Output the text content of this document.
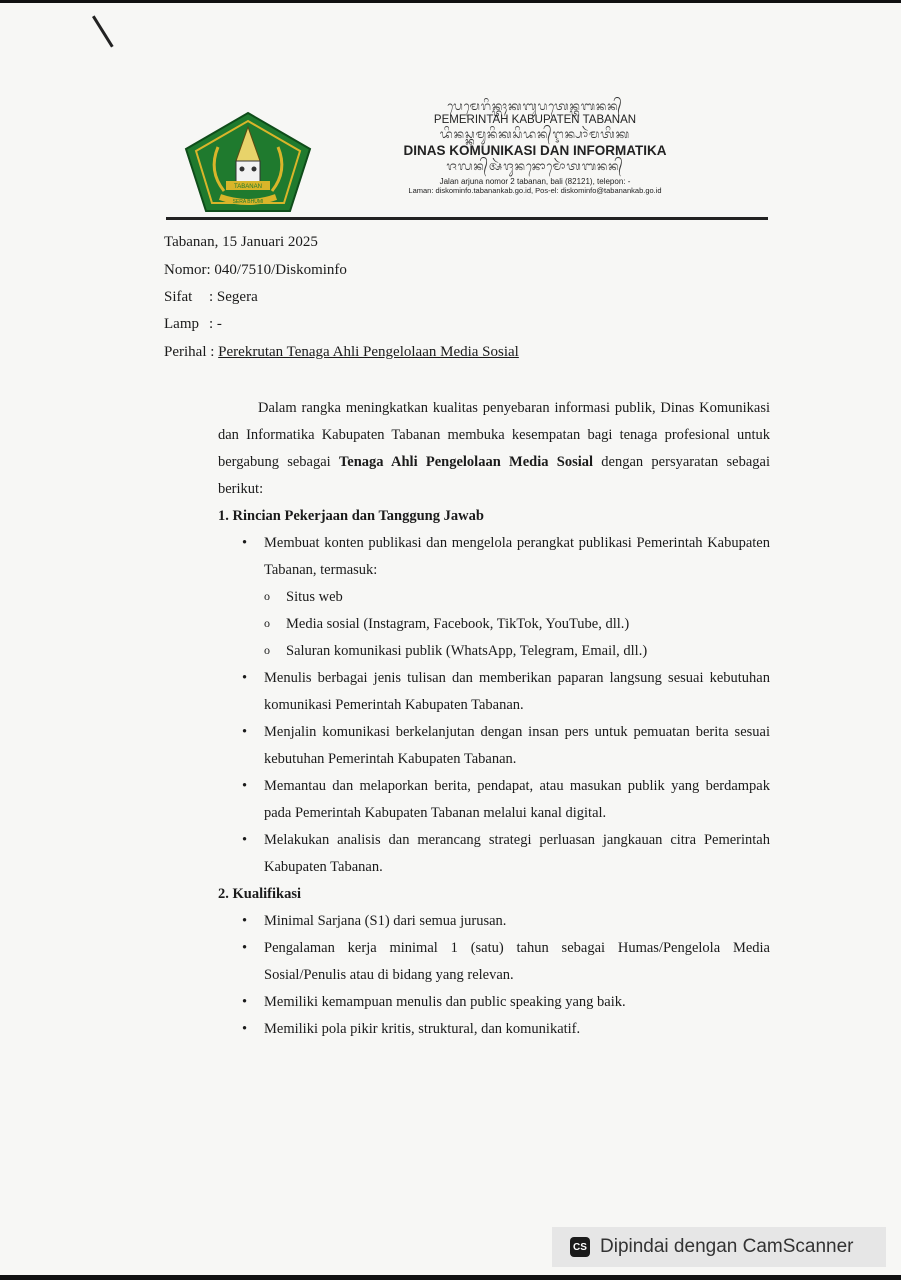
TABANAN
SERA BHUMI
ᬧᬾᬫᬾᬭᬶᬦ᭄ᬢᬄᬓᬩᬸᬧᬢᬾᬦ᭄ᬢᬩᬦᬦ᭄
PEMERINTAH KABUPATEN TABANAN
ᬤᬶᬦᬲ᭄ᬓᬫᬸᬦᬶᬓᬲᬶᬤᬦ᭄ᬇᬦ᭄ᬧᬵᬃᬫᬢᬶᬓ
DINAS KOMUNIKASI DAN INFORMATIKA
ᬚᬮᬦ᭄ᬅᬃᬚᬸᬦᬦᭀᬫᭀᬃᬢᬩᬦᬦ᭄
Jalan arjuna nomor 2 tabanan, bali (82121), telepon: -
Laman: diskominfo.tabanankab.go.id, Pos-el: diskominfo@tabanankab.go.id
Tabanan, 15 Januari 2025
Nomor: 040/7510/Diskominfo
Sifat : Segera
Lamp : -
Perihal : Perekrutan Tenaga Ahli Pengelolaan Media Sosial

Dalam rangka meningkatkan kualitas penyebaran informasi publik, Dinas Komunikasi dan Informatika Kabupaten Tabanan membuka kesempatan bagi tenaga profesional untuk bergabung sebagai Tenaga Ahli Pengelolaan Media Sosial dengan persyaratan sebagai berikut:

1. Rincian Pekerjaan dan Tanggung Jawab
• Membuat konten publikasi dan mengelola perangkat publikasi Pemerintah Kabupaten Tabanan, termasuk:
o Situs web
o Media sosial (Instagram, Facebook, TikTok, YouTube, dll.)
o Saluran komunikasi publik (WhatsApp, Telegram, Email, dll.)
• Menulis berbagai jenis tulisan dan memberikan paparan langsung sesuai kebutuhan komunikasi Pemerintah Kabupaten Tabanan.
• Menjalin komunikasi berkelanjutan dengan insan pers untuk pemuatan berita sesuai kebutuhan Pemerintah Kabupaten Tabanan.
• Memantau dan melaporkan berita, pendapat, atau masukan publik yang berdampak pada Pemerintah Kabupaten Tabanan melalui kanal digital.
• Melakukan analisis dan merancang strategi perluasan jangkauan citra Pemerintah Kabupaten Tabanan.
2. Kualifikasi
• Minimal Sarjana (S1) dari semua jurusan.
• Pengalaman kerja minimal 1 (satu) tahun sebagai Humas/Pengelola Media Sosial/Penulis atau di bidang yang relevan.
• Memiliki kemampuan menulis dan public speaking yang baik.
• Memiliki pola pikir kritis, struktural, dan komunikatif.
CS Dipindai dengan CamScanner
